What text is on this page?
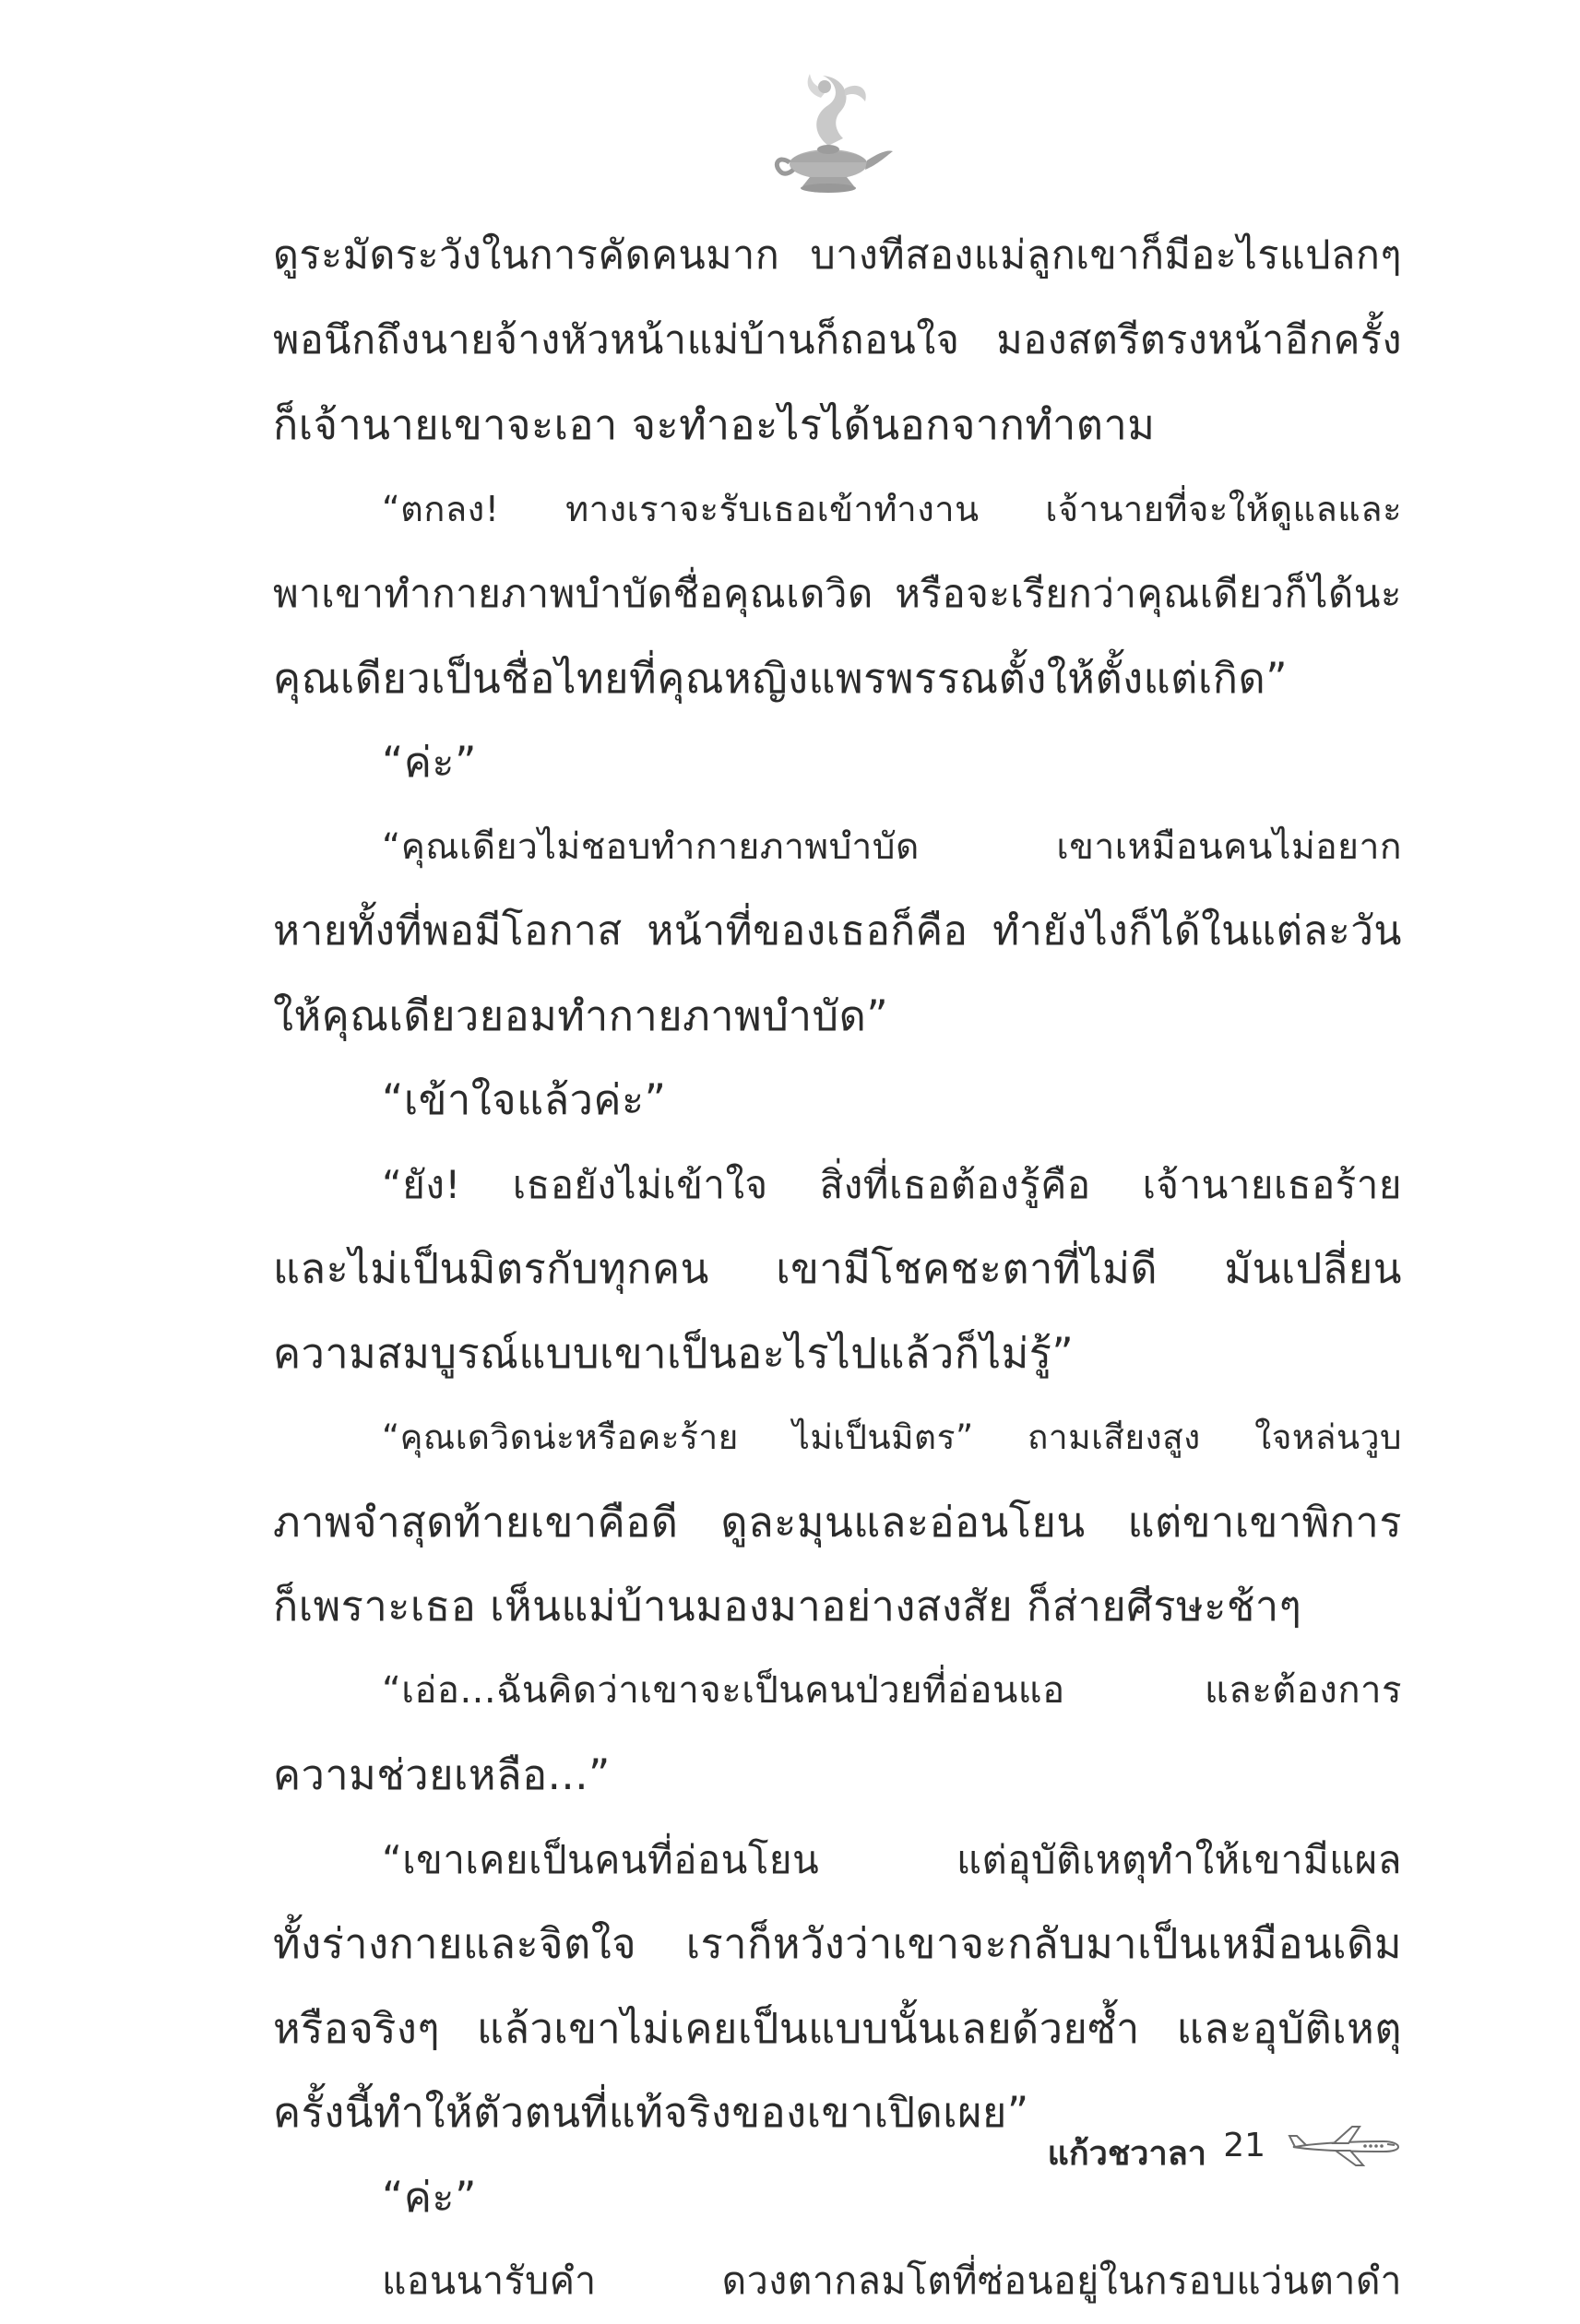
ดูระมัดระวังในการคัดคนมาก บางทีสองแม่ลูกเขาก็มีอะไรแปลกๆ
พอนึกถึงนายจ้างหัวหน้าแม่บ้านก็ถอนใจ มองสตรีตรงหน้าอีกครั้ง
ก็เจ้านายเขาจะเอา จะทำอะไรได้นอกจากทำตาม
“ตกลง! ทางเราจะรับเธอเข้าทำงาน เจ้านายที่จะให้ดูแลและ
พาเขาทำกายภาพบำบัดชื่อคุณเดวิด หรือจะเรียกว่าคุณเดียวก็ได้นะ
คุณเดียวเป็นชื่อไทยที่คุณหญิงแพรพรรณตั้งให้ตั้งแต่เกิด”
“ค่ะ”
“คุณเดียวไม่ชอบทำกายภาพบำบัด เขาเหมือนคนไม่อยาก
หายทั้งที่พอมีโอกาส หน้าที่ของเธอก็คือ ทำยังไงก็ได้ในแต่ละวัน
ให้คุณเดียวยอมทำกายภาพบำบัด”
“เข้าใจแล้วค่ะ”
“ยัง! เธอยังไม่เข้าใจ สิ่งที่เธอต้องรู้คือ เจ้านายเธอร้าย
และไม่เป็นมิตรกับทุกคน เขามีโชคชะตาที่ไม่ดี มันเปลี่ยน
ความสมบูรณ์แบบเขาเป็นอะไรไปแล้วก็ไม่รู้”
“คุณเดวิดน่ะหรือคะร้าย ไม่เป็นมิตร” ถามเสียงสูง ใจหล่นวูบ
ภาพจำสุดท้ายเขาคือดี ดูละมุนและอ่อนโยน แต่ขาเขาพิการ
ก็เพราะเธอ เห็นแม่บ้านมองมาอย่างสงสัย ก็ส่ายศีรษะช้าๆ
“เอ่อ...ฉันคิดว่าเขาจะเป็นคนป่วยที่อ่อนแอ และต้องการ
ความช่วยเหลือ...”
“เขาเคยเป็นคนที่อ่อนโยน แต่อุบัติเหตุทำให้เขามีแผล
ทั้งร่างกายและจิตใจ เราก็หวังว่าเขาจะกลับมาเป็นเหมือนเดิม
หรือจริงๆ แล้วเขาไม่เคยเป็นแบบนั้นเลยด้วยซ้ำ และอุบัติเหตุ
ครั้งนี้ทำให้ตัวตนที่แท้จริงของเขาเปิดเผย”
“ค่ะ”
แอนนารับคำ ดวงตากลมโตที่ซ่อนอยู่ในกรอบแว่นตาดำ
แก้วชวาลา 21
